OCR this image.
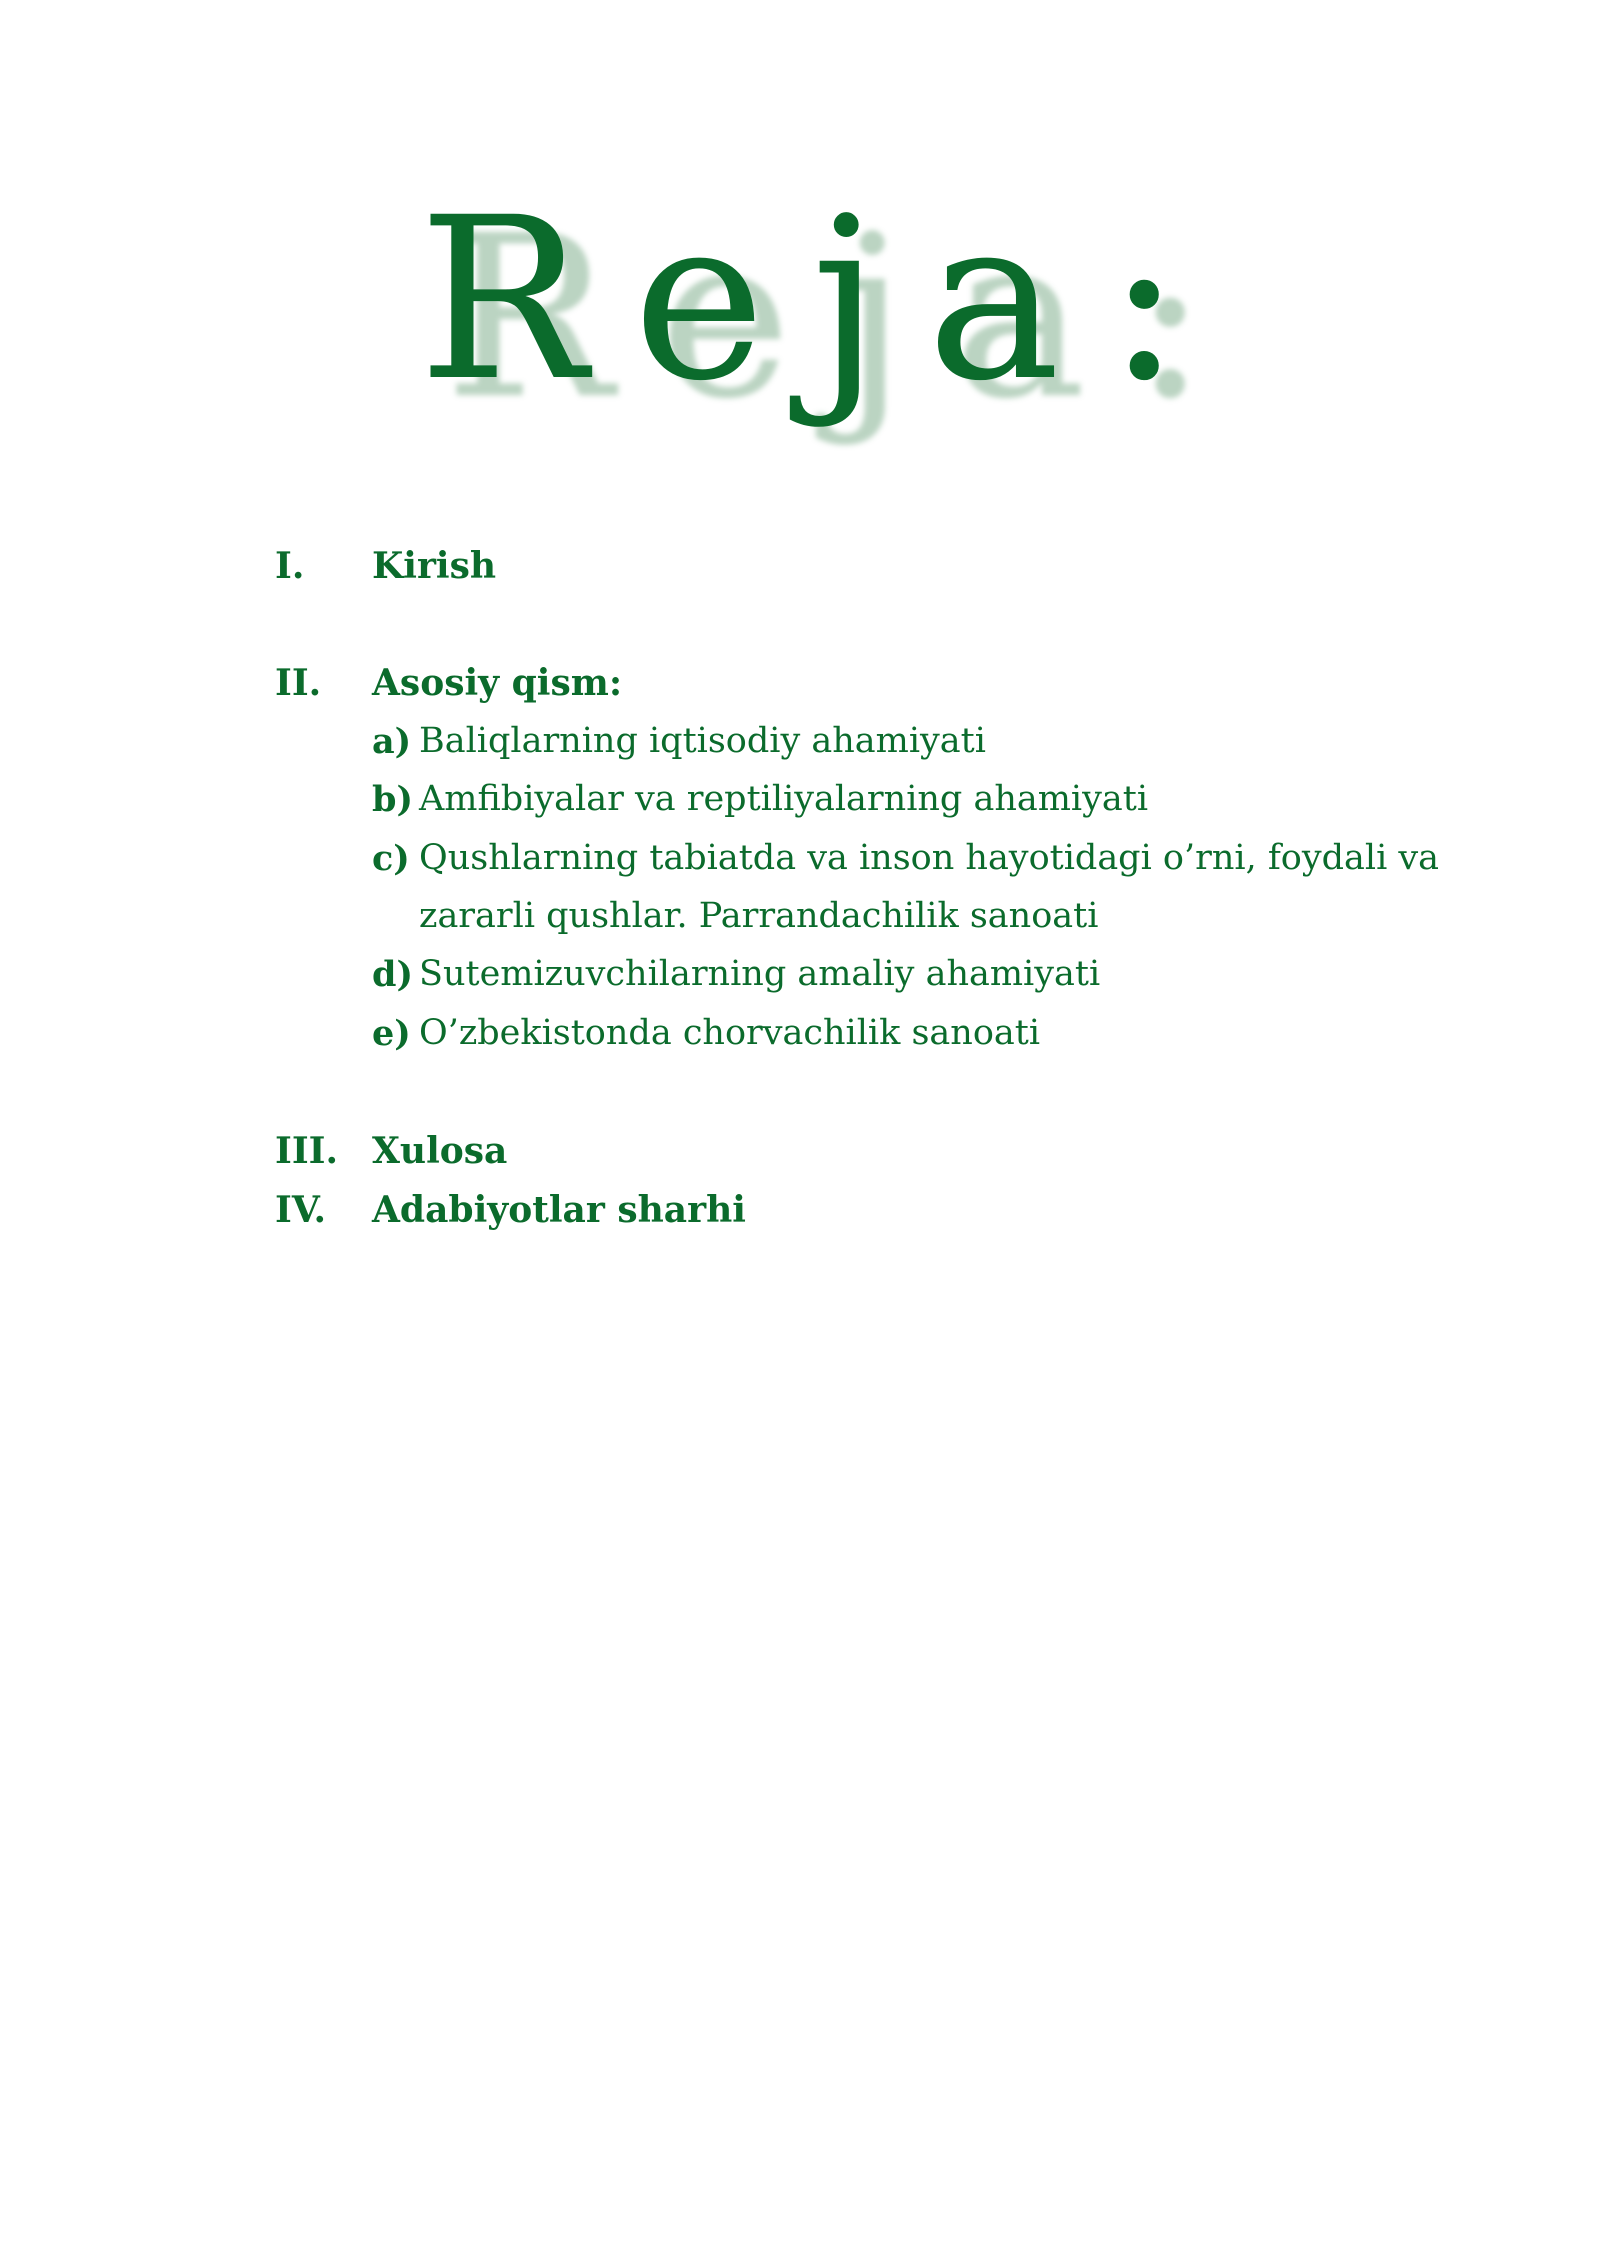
Reja:
I. Kirish
II. Asosiy qism:
a) Baliqlarning iqtisodiy ahamiyati
b) Amfibiyalar va reptiliyalarning ahamiyati
c) Qushlarning tabiatda va inson hayotidagi o’rni, foydali va
zararli qushlar. Parrandachilik sanoati
d) Sutemizuvchilarning amaliy ahamiyati
e) O’zbekistonda chorvachilik sanoati
III. Xulosa
IV. Adabiyotlar sharhi
